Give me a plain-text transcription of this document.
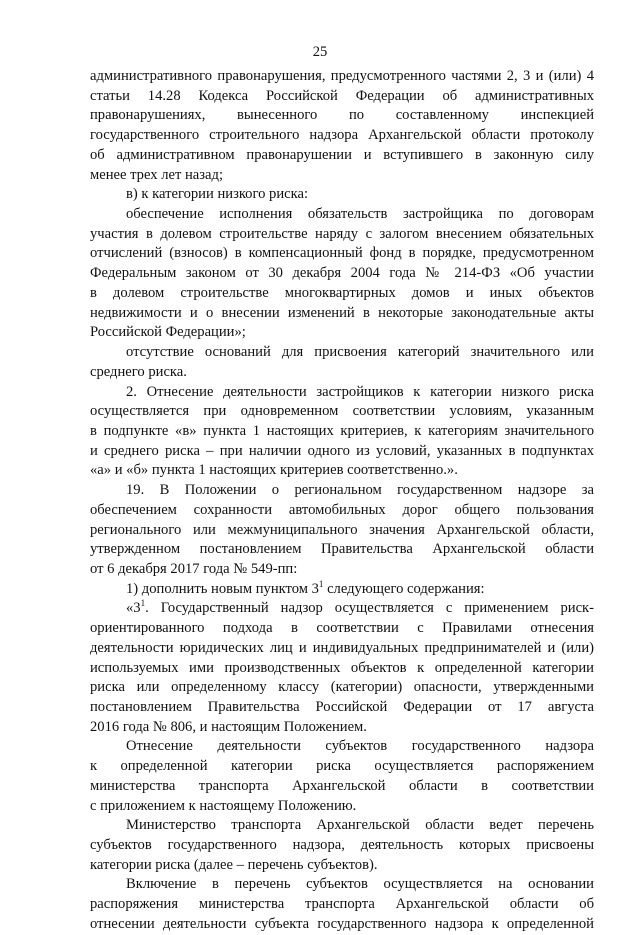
25
административного правонарушения, предусмотренного частями 2, 3 и (или) 4
статьи 14.28 Кодекса Российской Федерации об административных
правонарушениях, вынесенного по составленному инспекцией
государственного строительного надзора Архангельской области протоколу
об административном правонарушении и вступившего в законную силу
менее трех лет назад;
в) к категории низкого риска:
обеспечение исполнения обязательств застройщика по договорам
участия в долевом строительстве наряду с залогом внесением обязательных
отчислений (взносов) в компенсационный фонд в порядке, предусмотренном
Федеральным законом от 30 декабря 2004 года № 214-ФЗ «Об участии
в долевом строительстве многоквартирных домов и иных объектов
недвижимости и о внесении изменений в некоторые законодательные акты
Российской Федерации»;
отсутствие оснований для присвоения категорий значительного или
среднего риска.
2. Отнесение деятельности застройщиков к категории низкого риска
осуществляется при одновременном соответствии условиям, указанным
в подпункте «в» пункта 1 настоящих критериев, к категориям значительного
и среднего риска – при наличии одного из условий, указанных в подпунктах
«а» и «б» пункта 1 настоящих критериев соответственно.».
19. В Положении о региональном государственном надзоре за
обеспечением сохранности автомобильных дорог общего пользования
регионального или межмуниципального значения Архангельской области,
утвержденном постановлением Правительства Архангельской области
от 6 декабря 2017 года № 549-пп:
1) дополнить новым пунктом $3^1$ следующего содержания:
«$3^1$. Государственный надзор осуществляется с применением риск-
ориентированного подхода в соответствии с Правилами отнесения
деятельности юридических лиц и индивидуальных предпринимателей и (или)
используемых ими производственных объектов к определенной категории
риска или определенному классу (категории) опасности, утвержденными
постановлением Правительства Российской Федерации от 17 августа
2016 года № 806, и настоящим Положением.
Отнесение деятельности субъектов государственного надзора
к определенной категории риска осуществляется распоряжением
министерства транспорта Архангельской области в соответствии
с приложением к настоящему Положению.
Министерство транспорта Архангельской области ведет перечень
субъектов государственного надзора, деятельность которых присвоены
категории риска (далее – перечень субъектов).
Включение в перечень субъектов осуществляется на основании
распоряжения министерства транспорта Архангельской области об
отнесении деятельности субъекта государственного надзора к определенной
